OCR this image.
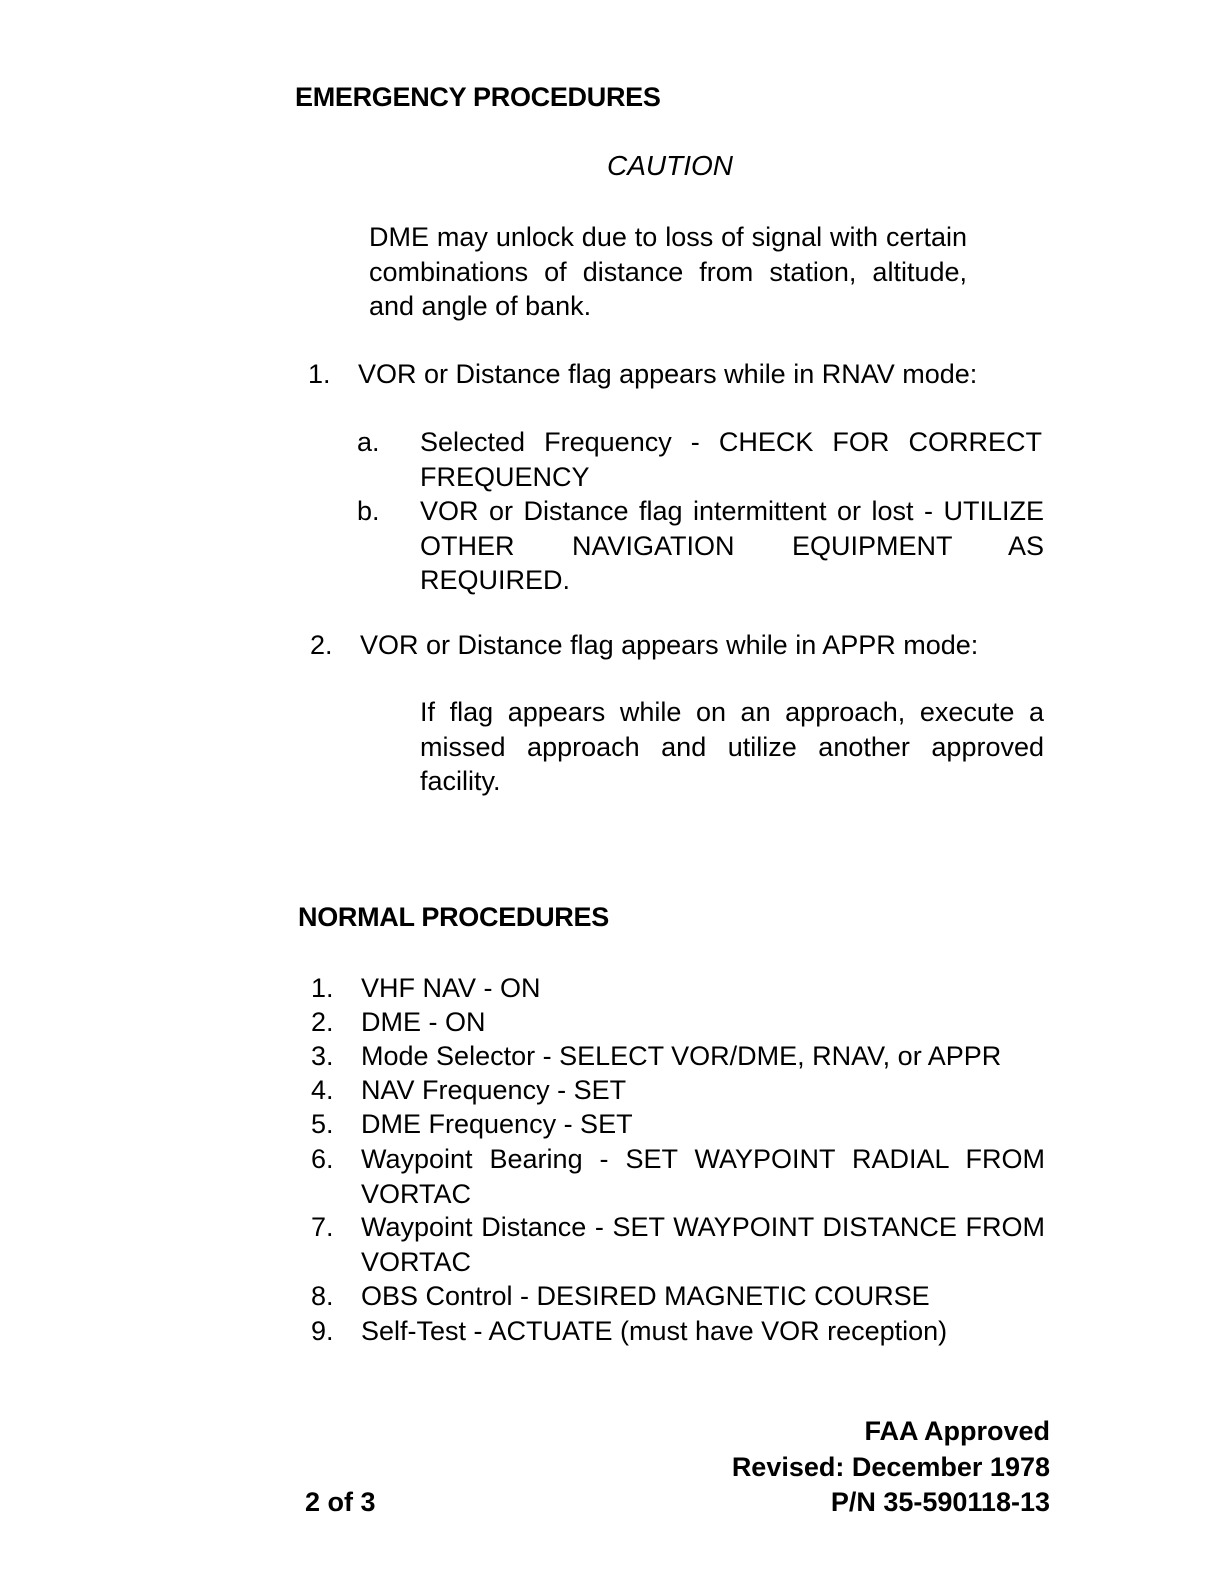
EMERGENCY PROCEDURES
CAUTION
DME may unlock due to loss of signal with certain combinations of distance from station, altitude, and angle of bank.
1. VOR or Distance flag appears while in RNAV mode:
a. Selected Frequency - CHECK FOR CORRECT FREQUENCY
b. VOR or Distance flag intermittent or lost - UTILIZE OTHER NAVIGATION EQUIPMENT AS REQUIRED.
2. VOR or Distance flag appears while in APPR mode:
If flag appears while on an approach, execute a missed approach and utilize another approved facility.
NORMAL PROCEDURES
1. VHF NAV - ON
2. DME - ON
3. Mode Selector - SELECT VOR/DME, RNAV, or APPR
4. NAV Frequency - SET
5. DME Frequency - SET
6. Waypoint Bearing - SET WAYPOINT RADIAL FROM VORTAC
7. Waypoint Distance - SET WAYPOINT DISTANCE FROM VORTAC
8. OBS Control - DESIRED MAGNETIC COURSE
9. Self-Test - ACTUATE (must have VOR reception)
FAA Approved
Revised: December 1978
P/N 35-590118-13
2 of 3
